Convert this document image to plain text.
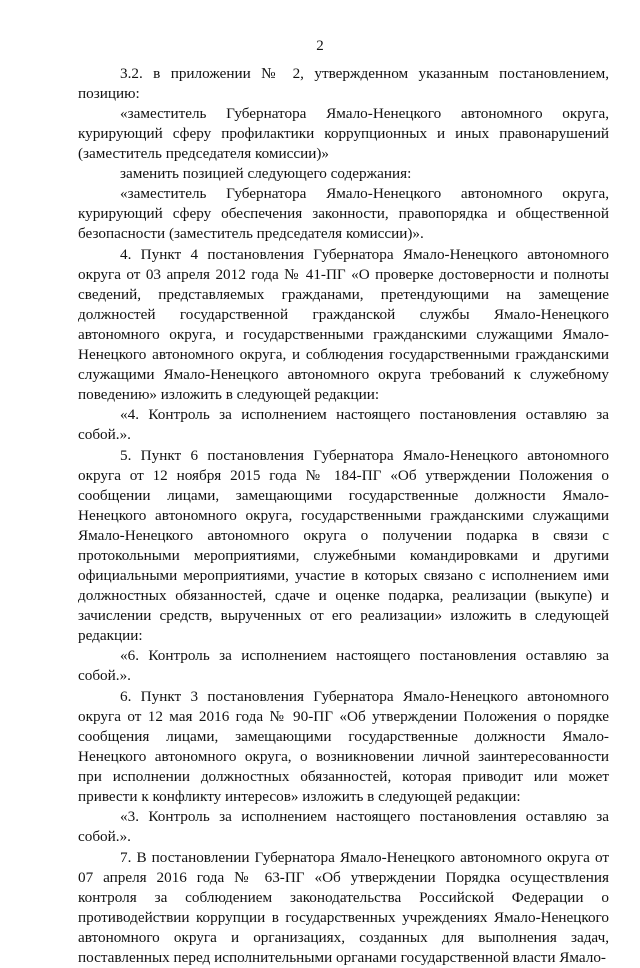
2

3.2. в приложении № 2, утвержденном указанным постановлением, позицию:

«заместитель Губернатора Ямало-Ненецкого автономного округа, курирующий сферу профилактики коррупционных и иных правонарушений (заместитель председателя комиссии)»

заменить позицией следующего содержания:

«заместитель Губернатора Ямало-Ненецкого автономного округа, курирующий сферу обеспечения законности, правопорядка и общественной безопасности (заместитель председателя комиссии)».

4. Пункт 4 постановления Губернатора Ямало-Ненецкого автономного округа от 03 апреля 2012 года № 41-ПГ «О проверке достоверности и полноты сведений, представляемых гражданами, претендующими на замещение должностей государственной гражданской службы Ямало-Ненецкого автономного округа, и государственными гражданскими служащими Ямало-Ненецкого автономного округа, и соблюдения государственными гражданскими служащими Ямало-Ненецкого автономного округа требований к служебному поведению» изложить в следующей редакции:

«4. Контроль за исполнением настоящего постановления оставляю за собой.».

5. Пункт 6 постановления Губернатора Ямало-Ненецкого автономного округа от 12 ноября 2015 года № 184-ПГ «Об утверждении Положения о сообщении лицами, замещающими государственные должности Ямало-Ненецкого автономного округа, государственными гражданскими служащими Ямало-Ненецкого автономного округа о получении подарка в связи с протокольными мероприятиями, служебными командировками и другими официальными мероприятиями, участие в которых связано с исполнением ими должностных обязанностей, сдаче и оценке подарка, реализации (выкупе) и зачислении средств, вырученных от его реализации» изложить в следующей редакции:

«6. Контроль за исполнением настоящего постановления оставляю за собой.».

6. Пункт 3 постановления Губернатора Ямало-Ненецкого автономного округа от 12 мая 2016 года № 90-ПГ «Об утверждении Положения о порядке сообщения лицами, замещающими государственные должности Ямало-Ненецкого автономного округа, о возникновении личной заинтересованности при исполнении должностных обязанностей, которая приводит или может привести к конфликту интересов» изложить в следующей редакции:

«3. Контроль за исполнением настоящего постановления оставляю за собой.».

7. В постановлении Губернатора Ямало-Ненецкого автономного округа от 07 апреля 2016 года № 63-ПГ «Об утверждении Порядка осуществления контроля за соблюдением законодательства Российской Федерации о противодействии коррупции в государственных учреждениях Ямало-Ненецкого автономного округа и организациях, созданных для выполнения задач, поставленных перед исполнительными органами государственной власти Ямало-
